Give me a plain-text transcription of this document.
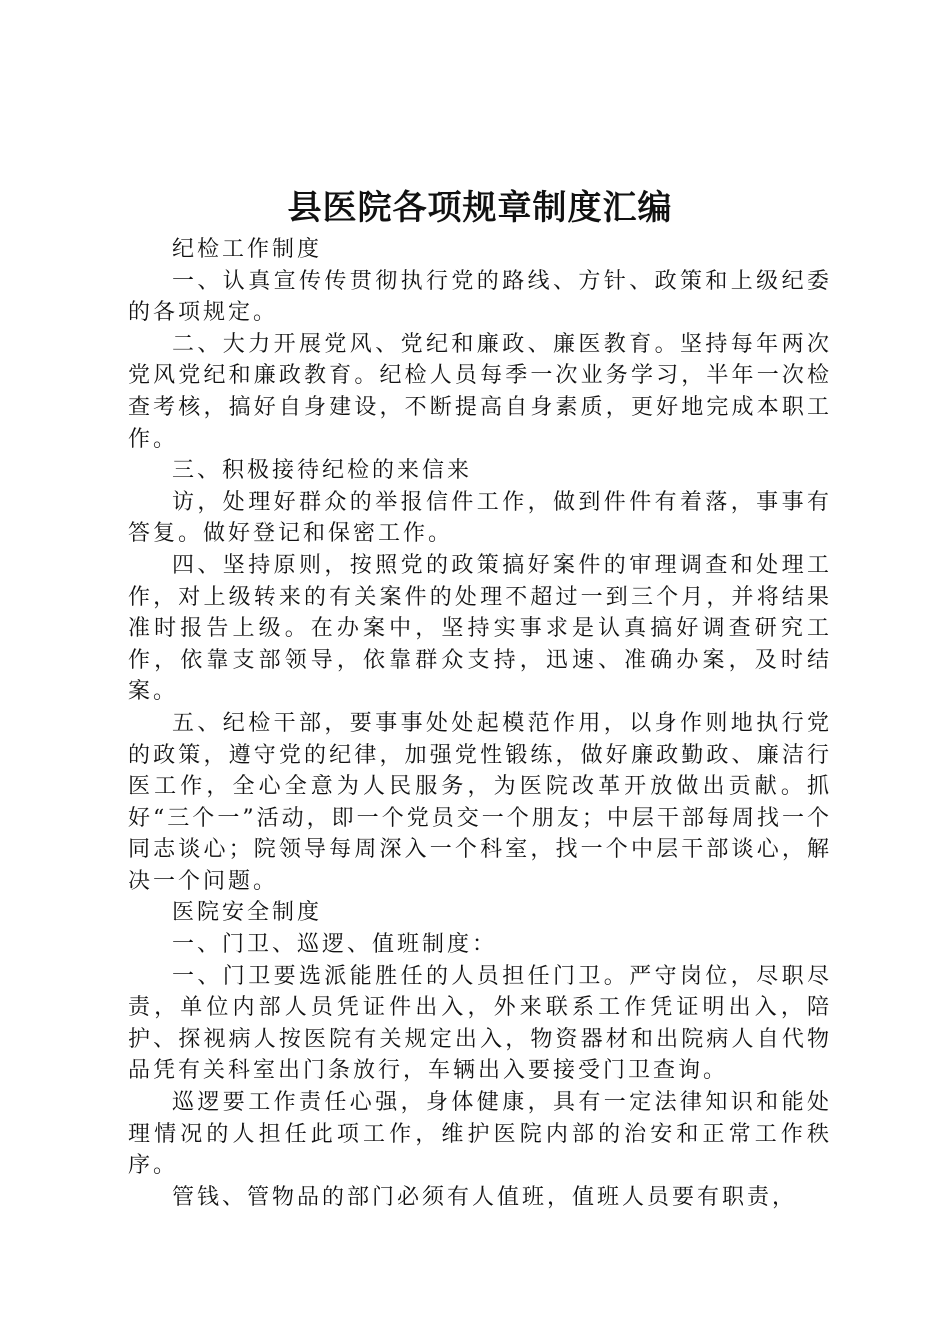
县医院各项规章制度汇编

纪检工作制度

一、认真宣传传贯彻执行党的路线、方针、政策和上级纪委的各项规定。

二、大力开展党风、党纪和廉政、廉医教育。坚持每年两次党风党纪和廉政教育。纪检人员每季一次业务学习，半年一次检查考核，搞好自身建设，不断提高自身素质，更好地完成本职工作。

三、积极接待纪检的来信来

访，处理好群众的举报信件工作，做到件件有着落，事事有答复。做好登记和保密工作。

四、坚持原则，按照党的政策搞好案件的审理调查和处理工作，对上级转来的有关案件的处理不超过一到三个月，并将结果准时报告上级。在办案中，坚持实事求是认真搞好调查研究工作，依靠支部领导，依靠群众支持，迅速、准确办案，及时结案。

五、纪检干部，要事事处处起模范作用，以身作则地执行党的政策，遵守党的纪律，加强党性锻练，做好廉政勤政、廉洁行医工作，全心全意为人民服务，为医院改革开放做出贡献。抓好“三个一”活动，即一个党员交一个朋友；中层干部每周找一个同志谈心；院领导每周深入一个科室，找一个中层干部谈心，解决一个问题。

医院安全制度

一、门卫、巡逻、值班制度：

一、门卫要选派能胜任的人员担任门卫。严守岗位，尽职尽责，单位内部人员凭证件出入，外来联系工作凭证明出入，陪护、探视病人按医院有关规定出入，物资器材和出院病人自代物品凭有关科室出门条放行，车辆出入要接受门卫查询。

巡逻要工作责任心强，身体健康，具有一定法律知识和能处理情况的人担任此项工作，维护医院内部的治安和正常工作秩序。

管钱、管物品的部门必须有人值班，值班人员要有职责，
